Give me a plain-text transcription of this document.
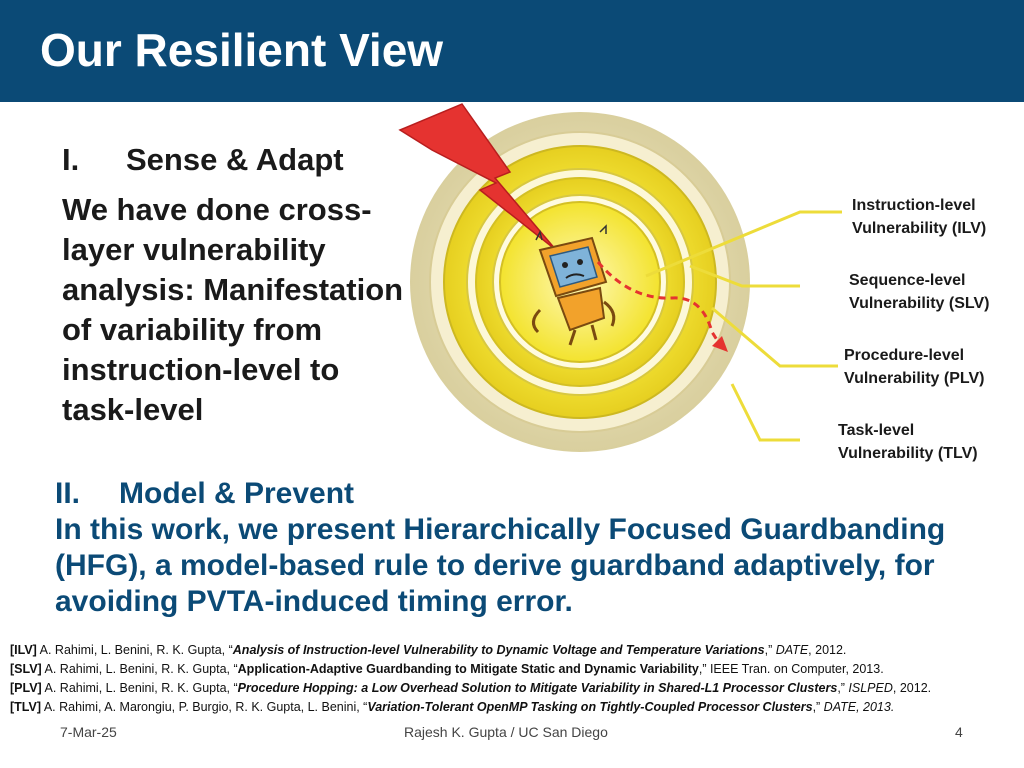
Our Resilient View
I.	Sense & Adapt
We have done cross-
layer vulnerability
analysis: Manifestation
of variability from
instruction-level to
task-level
Instruction-level
Vulnerability (ILV)
Sequence-level
Vulnerability (SLV)
Procedure-level
Vulnerability (PLV)
Task-level
Vulnerability (TLV)
II.	Model & Prevent
In this work, we present Hierarchically Focused Guardbanding
(HFG), a model-based rule to derive guardband adaptively, for
avoiding PVTA-induced timing error.
[ILV] A. Rahimi, L. Benini, R. K. Gupta, “Analysis of Instruction-level Vulnerability to Dynamic Voltage and Temperature Variations,” DATE, 2012.
[SLV] A. Rahimi, L. Benini, R. K. Gupta, “Application-Adaptive Guardbanding to Mitigate Static and Dynamic Variability,” IEEE Tran. on Computer, 2013.
[PLV] A. Rahimi, L. Benini, R. K. Gupta, “Procedure Hopping: a Low Overhead Solution to Mitigate Variability in Shared-L1 Processor Clusters,” ISLPED, 2012.
[TLV] A. Rahimi, A. Marongiu, P. Burgio, R. K. Gupta, L. Benini, “Variation-Tolerant OpenMP Tasking on Tightly-Coupled Processor Clusters,” DATE, 2013.
7-Mar-25	Rajesh K. Gupta / UC San Diego	4
